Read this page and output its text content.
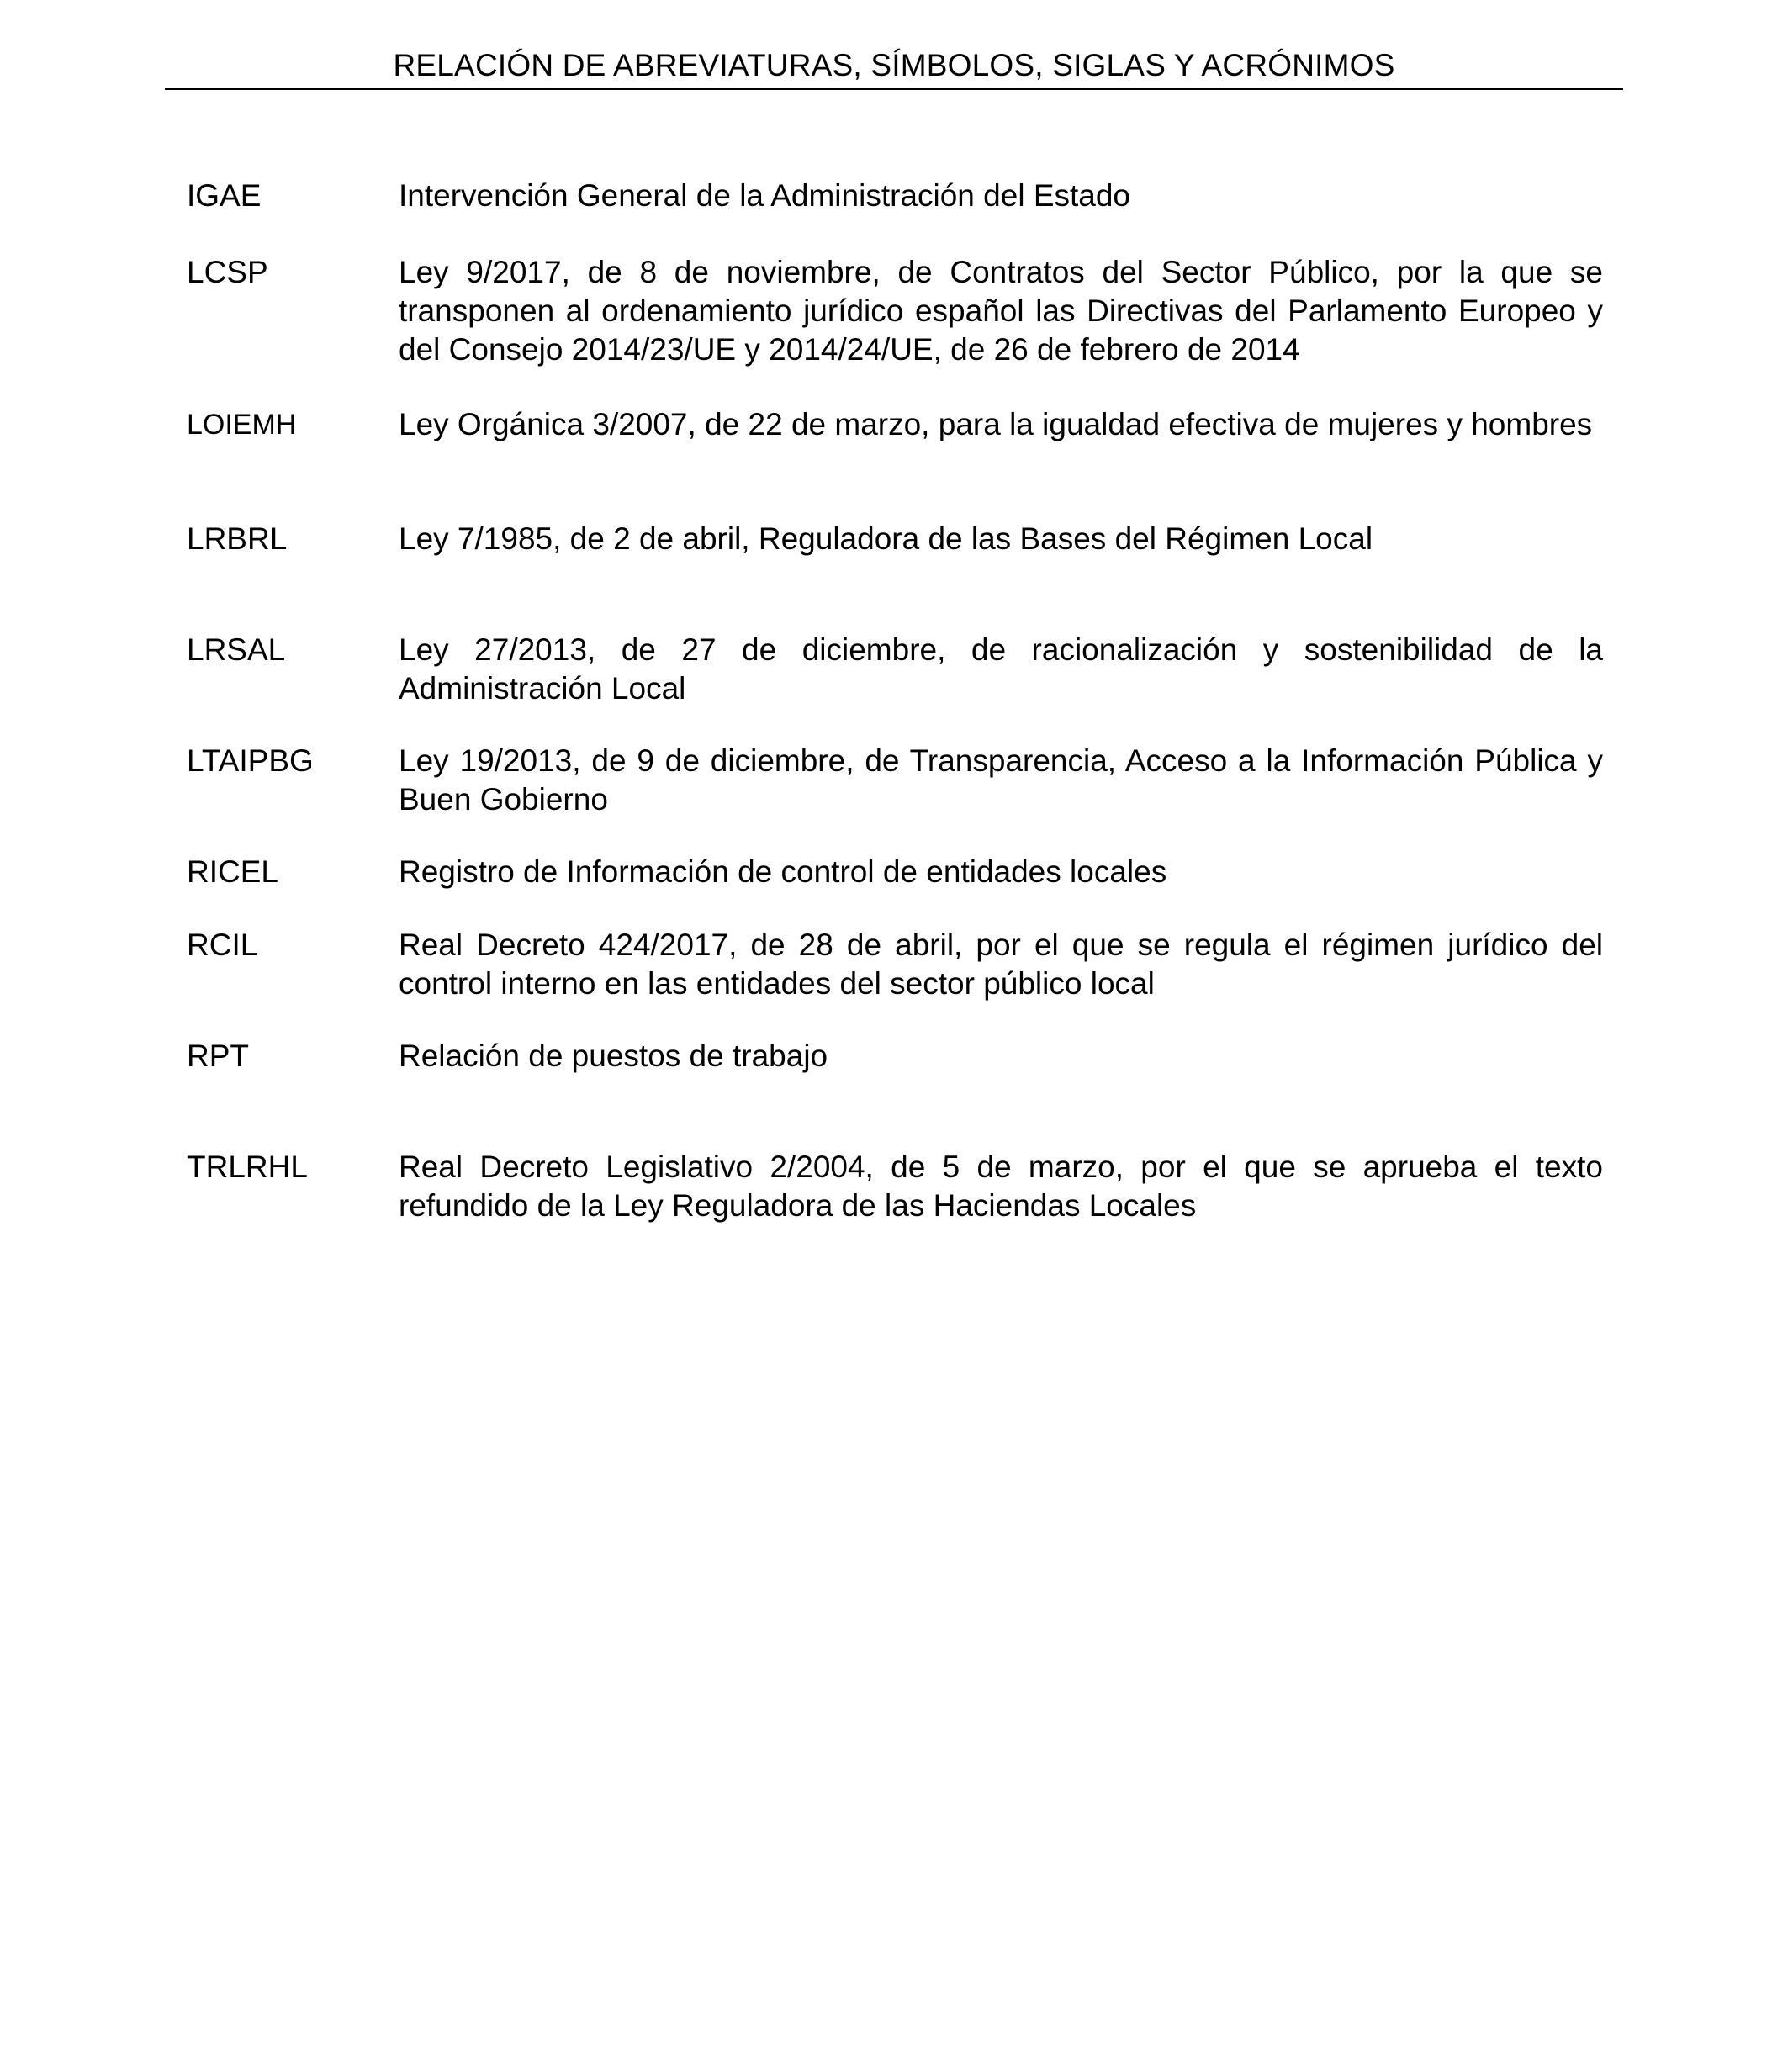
RELACIÓN DE ABREVIATURAS, SÍMBOLOS, SIGLAS Y ACRÓNIMOS
IGAE	Intervención General de la Administración del Estado

LCSP	Ley 9/2017, de 8 de noviembre, de Contratos del Sector Público, por la que se transponen al ordenamiento jurídico español las Directivas del Parlamento Europeo y del Consejo 2014/23/UE y 2014/24/UE, de 26 de febrero de 2014

LOIEMH	Ley Orgánica 3/2007, de 22 de marzo, para la igualdad efectiva de mujeres y hombres

LRBRL	Ley 7/1985, de 2 de abril, Reguladora de las Bases del Régimen Local

LRSAL	Ley 27/2013, de 27 de diciembre, de racionalización y sostenibilidad de la Administración Local

LTAIPBG	Ley 19/2013, de 9 de diciembre, de Transparencia, Acceso a la Información Pública y Buen Gobierno

RICEL	Registro de Información de control de entidades locales

RCIL	Real Decreto 424/2017, de 28 de abril, por el que se regula el régimen jurídico del control interno en las entidades del sector público local

RPT	Relación de puestos de trabajo

TRLRHL	Real Decreto Legislativo 2/2004, de 5 de marzo, por el que se aprueba el texto refundido de la Ley Reguladora de las Haciendas Locales
